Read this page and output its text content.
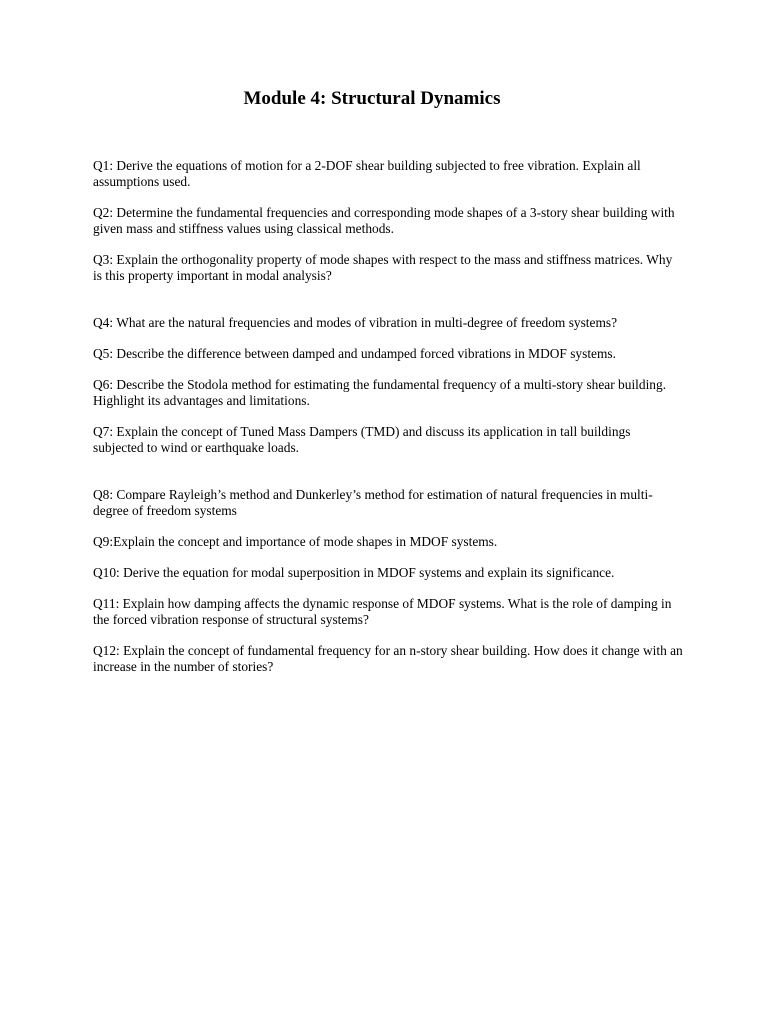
Module 4: Structural Dynamics
Q1: Derive the equations of motion for a 2-DOF shear building subjected to free vibration. Explain all assumptions used.
Q2: Determine the fundamental frequencies and corresponding mode shapes of a 3-story shear building with given mass and stiffness values using classical methods.
Q3: Explain the orthogonality property of mode shapes with respect to the mass and stiffness matrices. Why is this property important in modal analysis?
Q4: What are the natural frequencies and modes of vibration in multi-degree of freedom systems?
Q5: Describe the difference between damped and undamped forced vibrations in MDOF systems.
Q6: Describe the Stodola method for estimating the fundamental frequency of a multi-story shear building. Highlight its advantages and limitations.
Q7: Explain the concept of Tuned Mass Dampers (TMD) and discuss its application in tall buildings subjected to wind or earthquake loads.
Q8: Compare Rayleigh’s method and Dunkerley’s method for estimation of natural frequencies in multi-degree of freedom systems
Q9:Explain the concept and importance of mode shapes in MDOF systems.
Q10: Derive the equation for modal superposition in MDOF systems and explain its significance.
Q11: Explain how damping affects the dynamic response of MDOF systems. What is the role of damping in the forced vibration response of structural systems?
Q12: Explain the concept of fundamental frequency for an n-story shear building. How does it change with an increase in the number of stories?
